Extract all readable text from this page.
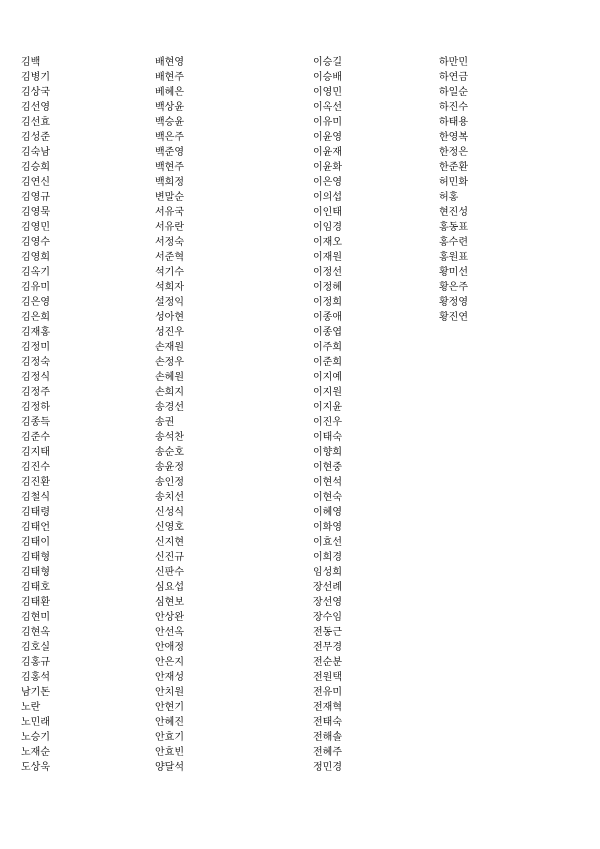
김백
김병기
김상국
김선영
김선효
김성준
김숙남
김승희
김연신
김영규
김영묵
김영민
김영수
김영희
김옥기
김유미
김은영
김은희
김재홍
김정미
김정숙
김정식
김정주
김정하
김종득
김준수
김지태
김진수
김진환
김철식
김태령
김태언
김태이
김태형
김태형
김태호
김태환
김현미
김현옥
김호실
김홍규
김홍석
남기돈
노란
노민래
노승기
노재순
도상욱
배현영
배현주
베혜은
백상윤
백승윤
백은주
백준영
백현주
백희정
변말순
서유국
서유란
서정숙
서준혁
석기수
석희자
설정익
성아현
성진우
손재원
손정우
손혜원
손희지
송경선
송권
송석찬
송순호
송윤정
송인정
송치선
신성식
신영호
신지현
신진규
신판수
심요섭
심현보
안상완
안선옥
안애정
안은지
안재성
안치원
안현기
안혜진
안효기
안효빈
양달석
이승길
이승배
이영민
이옥선
이유미
이윤영
이윤재
이윤화
이은영
이의섭
이인태
이임경
이재오
이재원
이정선
이정혜
이정희
이종애
이종엽
이주희
이준희
이지예
이지원
이지윤
이진우
이태숙
이향희
이현중
이현석
이현숙
이혜영
이화영
이효선
이희경
임성희
장선례
장선영
장수임
전동근
전무경
전순분
전원택
전유미
전재혁
전태숙
전해솔
전혜주
정민경
하만민
하연금
하일순
하진수
하태용
한영복
한정은
한준환
허민화
허홍
현진성
홍동표
홍수련
홍원표
황미선
황은주
황정영
황진연
